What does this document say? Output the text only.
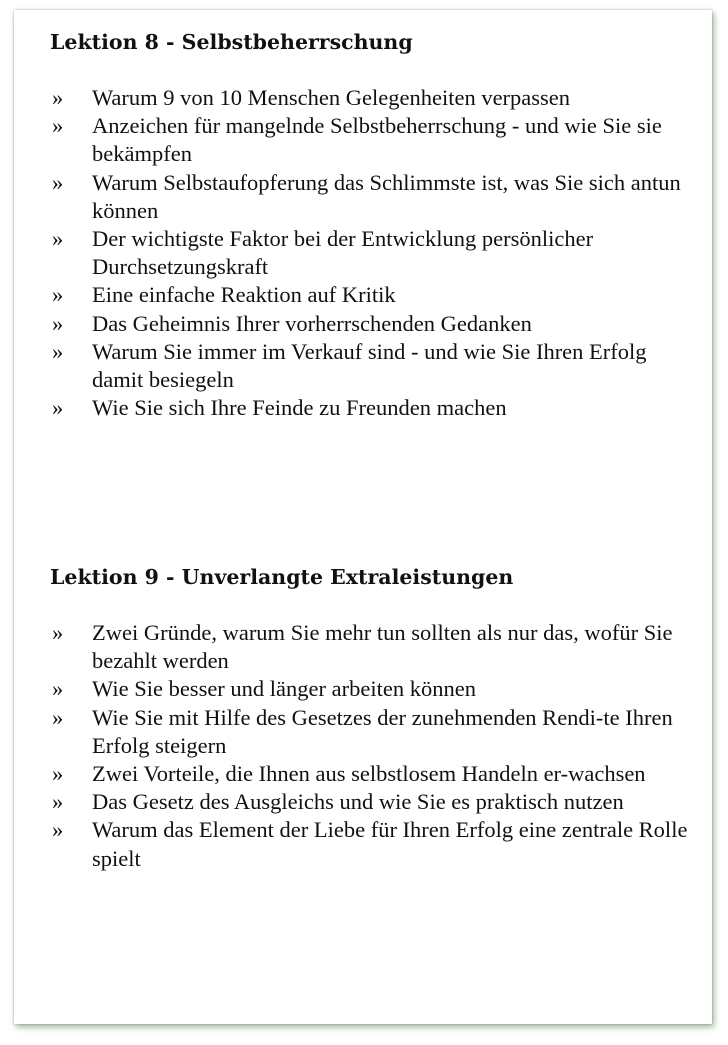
Lektion 8 - Selbstbeherrschung
» Warum 9 von 10 Menschen Gelegenheiten verpassen
» Anzeichen für mangelnde Selbstbeherrschung - und wie Sie sie bekämpfen
» Warum Selbstaufopferung das Schlimmste ist, was Sie sich antun können
» Der wichtigste Faktor bei der Entwicklung persönlicher Durchsetzungskraft
» Eine einfache Reaktion auf Kritik
» Das Geheimnis Ihrer vorherrschenden Gedanken
» Warum Sie immer im Verkauf sind - und wie Sie Ihren Erfolg damit besiegeln
» Wie Sie sich Ihre Feinde zu Freunden machen
Lektion 9 - Unverlangte Extraleistungen
» Zwei Gründe, warum Sie mehr tun sollten als nur das, wofür Sie bezahlt werden
» Wie Sie besser und länger arbeiten können
» Wie Sie mit Hilfe des Gesetzes der zunehmenden Rendi-te Ihren Erfolg steigern
» Zwei Vorteile, die Ihnen aus selbstlosem Handeln er-wachsen
» Das Gesetz des Ausgleichs und wie Sie es praktisch nutzen
» Warum das Element der Liebe für Ihren Erfolg eine zentrale Rolle spielt
